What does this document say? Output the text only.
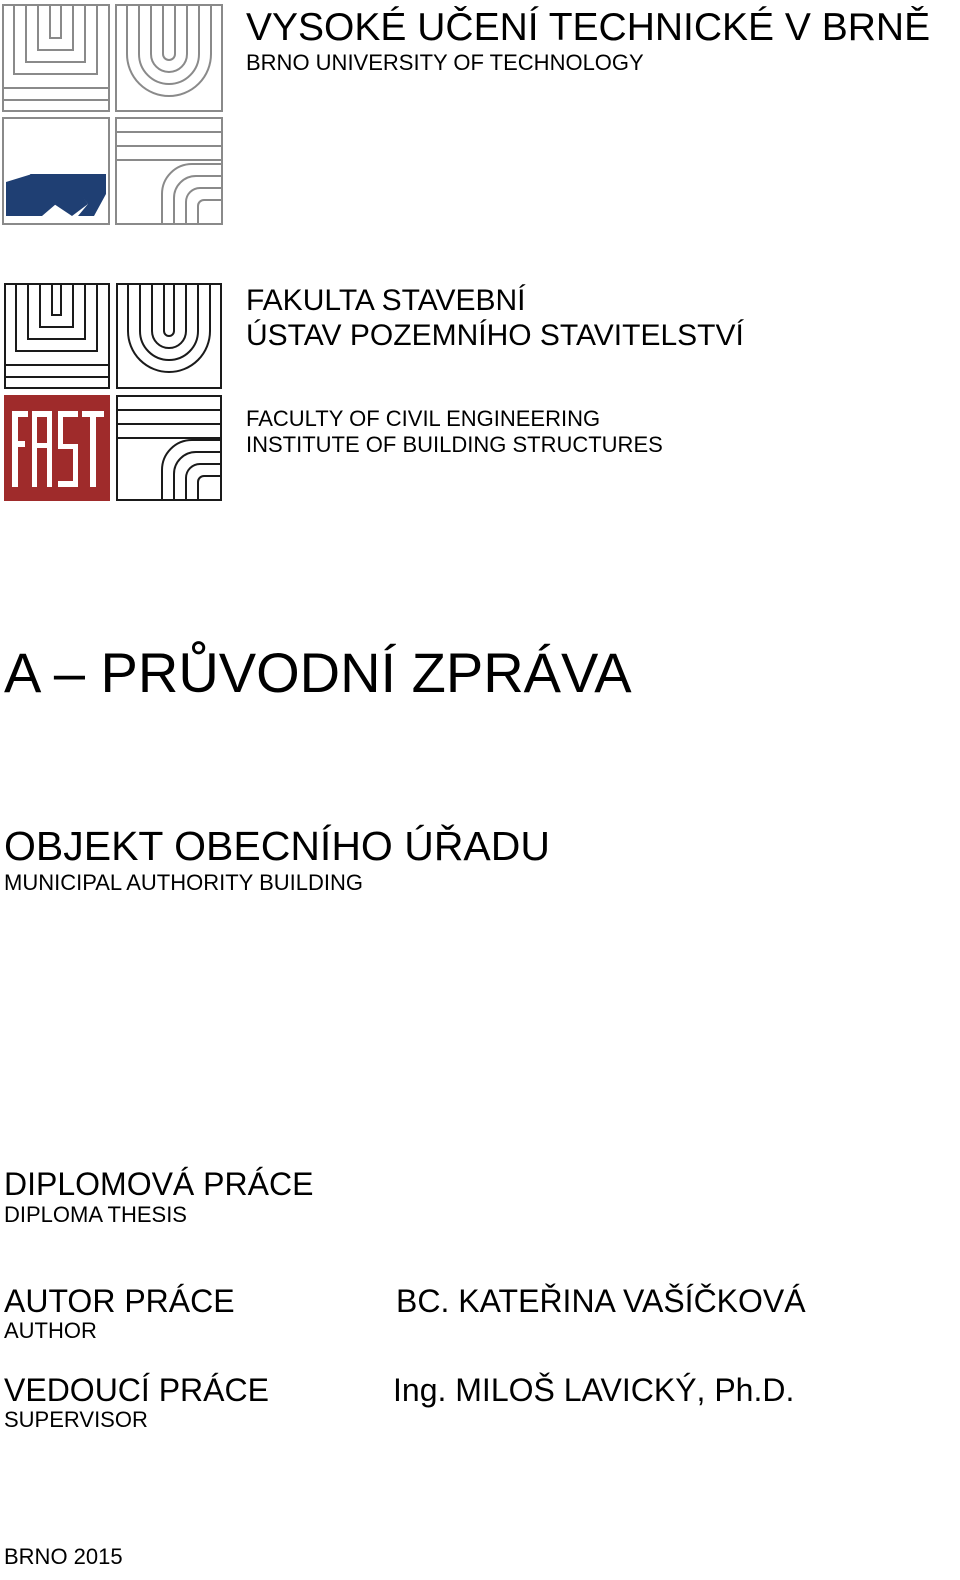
VYSOKÉ UČENÍ TECHNICKÉ V BRNĚ
BRNO UNIVERSITY OF TECHNOLOGY
FAKULTA STAVEBNÍ
ÚSTAV POZEMNÍHO STAVITELSTVÍ
FACULTY OF CIVIL ENGINEERING
INSTITUTE OF BUILDING STRUCTURES
A – PRŮVODNÍ ZPRÁVA
OBJEKT OBECNÍHO ÚŘADU
MUNICIPAL AUTHORITY BUILDING
DIPLOMOVÁ PRÁCE
DIPLOMA THESIS
AUTOR PRÁCE
AUTHOR
BC. KATEŘINA VAŠÍČKOVÁ
VEDOUCÍ PRÁCE
SUPERVISOR
Ing. MILOŠ LAVICKÝ, Ph.D.
BRNO 2015
